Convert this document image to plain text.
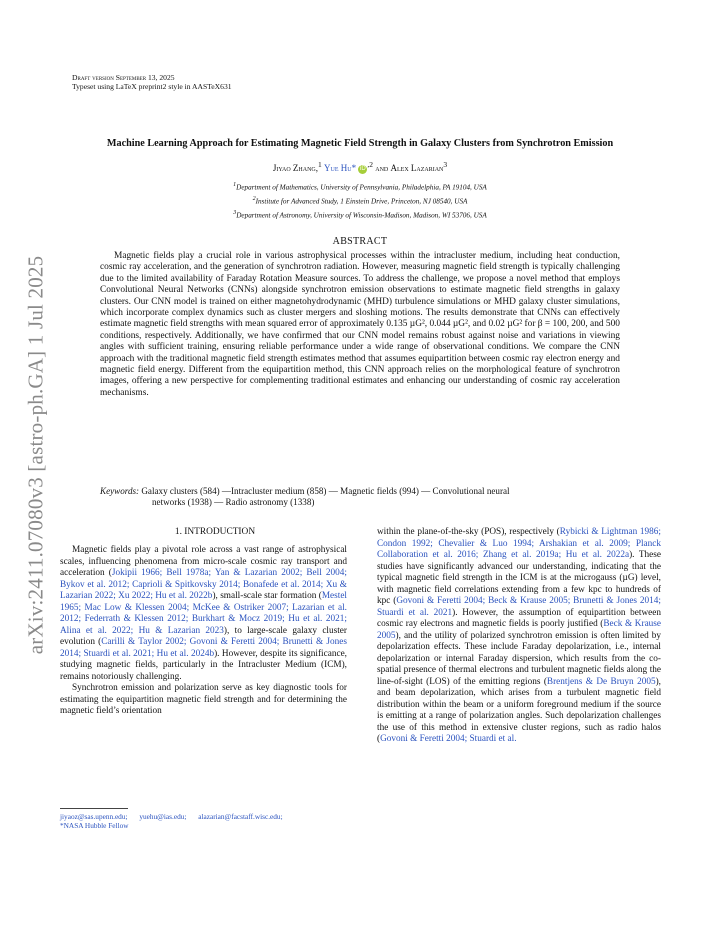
Draft version September 13, 2025
Typeset using LaTeX preprint2 style in AASTeX631
arXiv:2411.07080v3 [astro-ph.GA] 1 Jul 2025
Machine Learning Approach for Estimating Magnetic Field Strength in Galaxy Clusters from Synchrotron Emission
Jiyao Zhang,$^1$ Yue Hu* iD $^{,2}$ and Alex Lazarian$^3$
$^1$Department of Mathematics, University of Pennsylvania, Philadelphia, PA 19104, USA
$^2$Institute for Advanced Study, 1 Einstein Drive, Princeton, NJ 08540, USA
$^3$Department of Astronomy, University of Wisconsin-Madison, Madison, WI 53706, USA
ABSTRACT

Magnetic fields play a crucial role in various astrophysical processes within the intracluster medium, including heat conduction, cosmic ray acceleration, and the generation of synchrotron radiation. However, measuring magnetic field strength is typically challenging due to the limited availability of Faraday Rotation Measure sources. To address the challenge, we propose a novel method that employs Convolutional Neural Networks (CNNs) alongside synchrotron emission observations to estimate magnetic field strengths in galaxy clusters. Our CNN model is trained on either magnetohydrodynamic (MHD) turbulence simulations or MHD galaxy cluster simulations, which incorporate complex dynamics such as cluster mergers and sloshing motions. The results demonstrate that CNNs can effectively estimate magnetic field strengths with mean squared error of approximately 0.135 µG², 0.044 µG², and 0.02 µG² for β = 100, 200, and 500 conditions, respectively. Additionally, we have confirmed that our CNN model remains robust against noise and variations in viewing angles with sufficient training, ensuring reliable performance under a wide range of observational conditions. We compare the CNN approach with the traditional magnetic field strength estimates method that assumes equipartition between cosmic ray electron energy and magnetic field energy. Different from the equipartition method, this CNN approach relies on the morphological feature of synchrotron images, offering a new perspective for complementing traditional estimates and enhancing our understanding of cosmic ray acceleration mechanisms.

Keywords: Galaxy clusters (584) —Intracluster medium (858) — Magnetic fields (994) — Convolutional neural
networks (1938) — Radio astronomy (1338)
1. INTRODUCTION

Magnetic fields play a pivotal role across a vast range of astrophysical scales, influencing phenomena from micro-scale cosmic ray transport and acceleration (Jokipii 1966; Bell 1978a; Yan & Lazarian 2002; Bell 2004; Bykov et al. 2012; Caprioli & Spitkovsky 2014; Bonafede et al. 2014; Xu & Lazarian 2022; Xu 2022; Hu et al. 2022b), small-scale star formation (Mestel 1965; Mac Low & Klessen 2004; McKee & Ostriker 2007; Lazarian et al. 2012; Federrath & Klessen 2012; Burkhart & Mocz 2019; Hu et al. 2021; Alina et al. 2022; Hu & Lazarian 2023), to large-scale galaxy cluster evolution (Carilli & Taylor 2002; Govoni & Feretti 2004; Brunetti & Jones 2014; Stuardi et al. 2021; Hu et al. 2024b). However, despite its significance, studying magnetic fields, particularly in the Intracluster Medium (ICM), remains notoriously challenging.

Synchrotron emission and polarization serve as key diagnostic tools for estimating the equipartition magnetic field strength and for determining the magnetic field’s orientation

within the plane-of-the-sky (POS), respectively (Rybicki & Lightman 1986; Condon 1992; Chevalier & Luo 1994; Arshakian et al. 2009; Planck Collaboration et al. 2016; Zhang et al. 2019a; Hu et al. 2022a). These studies have significantly advanced our understanding, indicating that the typical magnetic field strength in the ICM is at the microgauss (µG) level, with magnetic field correlations extending from a few kpc to hundreds of kpc (Govoni & Feretti 2004; Beck & Krause 2005; Brunetti & Jones 2014; Stuardi et al. 2021). However, the assumption of equipartition between cosmic ray electrons and magnetic fields is poorly justified (Beck & Krause 2005), and the utility of polarized synchrotron emission is often limited by depolarization effects. These include Faraday depolarization, i.e., internal depolarization or internal Faraday dispersion, which results from the co-spatial presence of thermal electrons and turbulent magnetic fields along the line-of-sight (LOS) of the emitting regions (Brentjens & De Bruyn 2005), and beam depolarization, which arises from a turbulent magnetic field distribution within the beam or a uniform foreground medium if the source is emitting at a range of polarization angles. Such depolarization challenges the use of this method in extensive cluster regions, such as radio halos (Govoni & Feretti 2004; Stuardi et al.

jiyaoz@sas.upenn.edu; yuehu@ias.edu; alazarian@facstaff.wisc.edu;
*NASA Hubble Fellow
